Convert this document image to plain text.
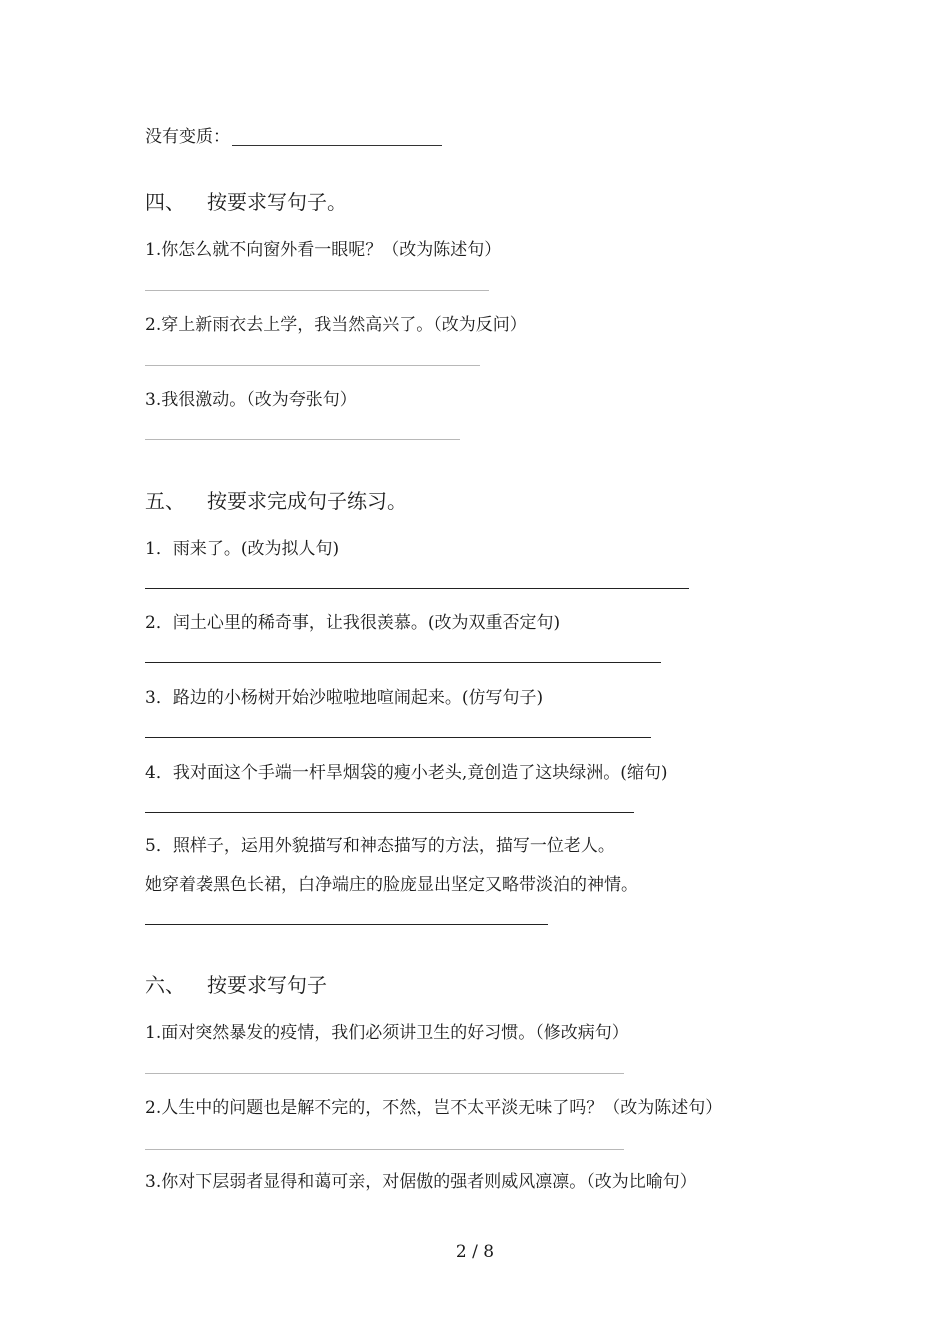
没有变质：
四、 按要求写句子。
1.你怎么就不向窗外看一眼呢？（改为陈述句）
2.穿上新雨衣去上学，我当然高兴了。（改为反问）
3.我很激动。（改为夸张句）
五、 按要求完成句子练习。
1．雨来了。(改为拟人句)
2．闰土心里的稀奇事，让我很羡慕。(改为双重否定句)
3．路边的小杨树开始沙啦啦地喧闹起来。(仿写句子)
4．我对面这个手端一杆旱烟袋的瘦小老头,竟创造了这块绿洲。(缩句)
5．照样子，运用外貌描写和神态描写的方法，描写一位老人。
她穿着袭黑色长裙，白净端庄的脸庞显出坚定又略带淡泊的神情。
六、 按要求写句子
1.面对突然暴发的疫情，我们必须讲卫生的好习惯。（修改病句）
2.人生中的问题也是解不完的，不然，岂不太平淡无味了吗？（改为陈述句）
3.你对下层弱者显得和蔼可亲，对倨傲的强者则威风凛凛。（改为比喻句）
2 / 8
